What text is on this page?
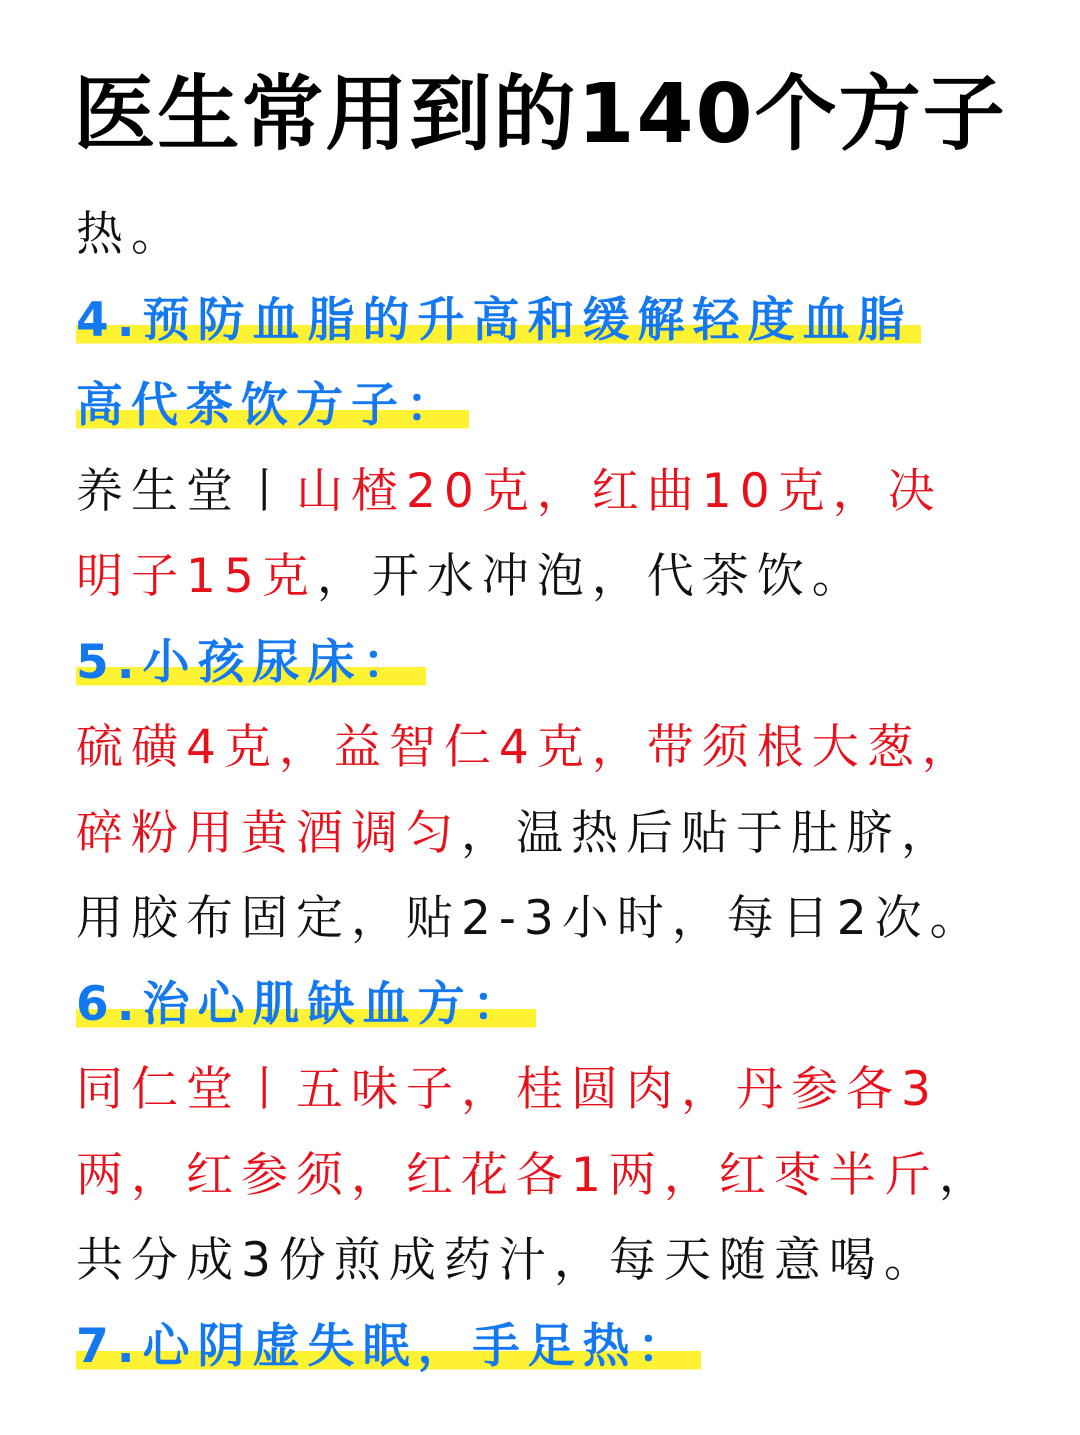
医生常用到的140个方子
热。
4.预防血脂的升高和缓解轻度血脂
高代茶饮方子：
养生堂丨山楂20克，红曲10克，决
明子15克，开水冲泡，代茶饮。
5.小孩尿床：
硫磺4克，益智仁4克，带须根大葱，
碎粉用黄酒调匀，温热后贴于肚脐，
用胶布固定，贴2-3小时，每日2次。
6.治心肌缺血方：
同仁堂丨五味子，桂圆肉，丹参各3
两，红参须，红花各1两，红枣半斤，
共分成3份煎成药汁，每天随意喝。
7.心阴虚失眠，手足热：
